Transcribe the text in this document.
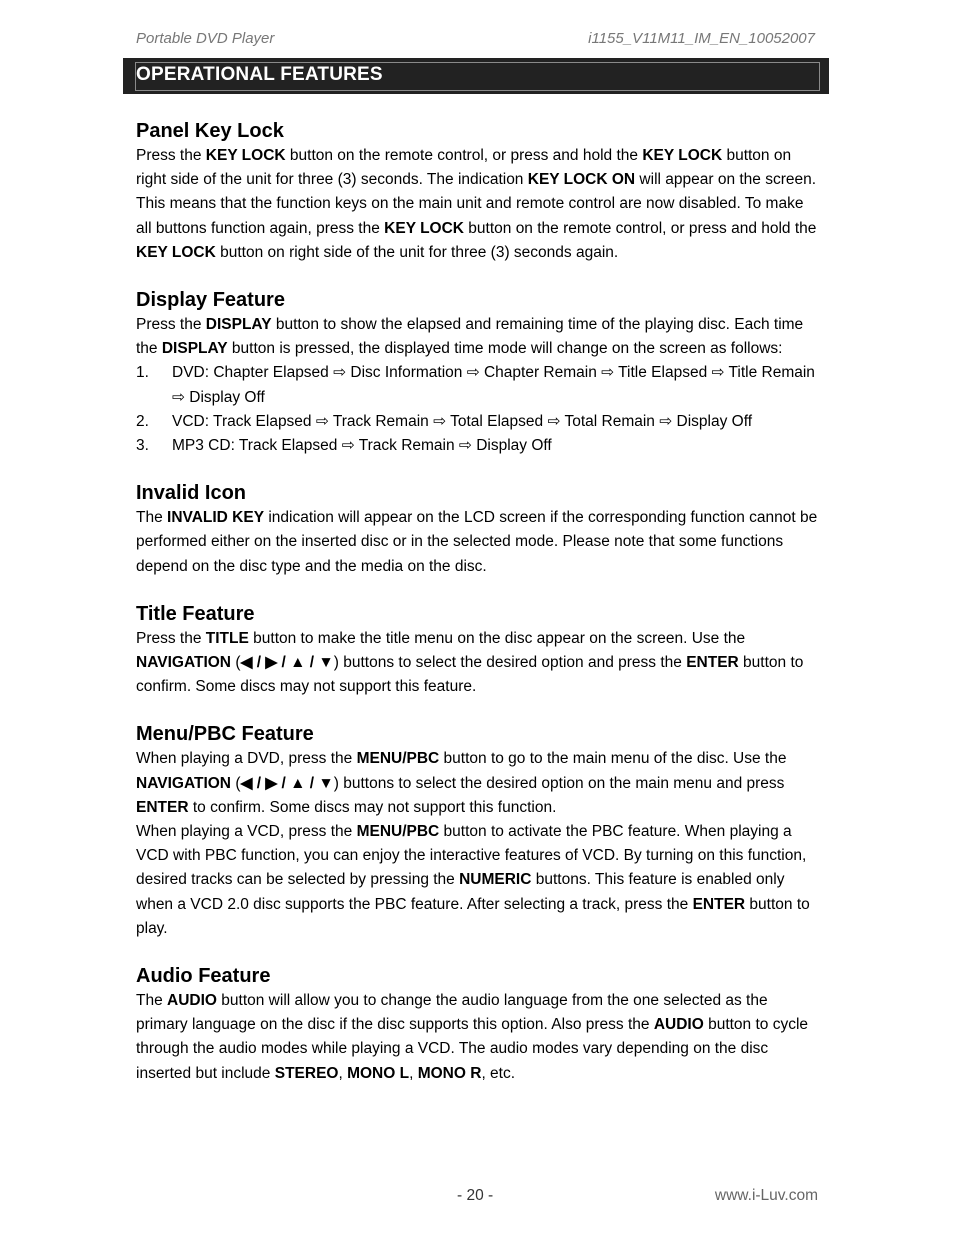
Portable DVD Player	i1155_V11M11_IM_EN_10052007
OPERATIONAL FEATURES
Panel Key Lock

Press the KEY LOCK button on the remote control, or press and hold the KEY LOCK button on right side of the unit for three (3) seconds. The indication KEY LOCK ON will appear on the screen. This means that the function keys on the main unit and remote control are now disabled. To make all buttons function again, press the KEY LOCK button on the remote control, or press and hold the KEY LOCK button on right side of the unit for three (3) seconds again.

Display Feature

Press the DISPLAY button to show the elapsed and remaining time of the playing disc. Each time the DISPLAY button is pressed, the displayed time mode will change on the screen as follows:

1. DVD: Chapter Elapsed ⇨ Disc Information ⇨ Chapter Remain ⇨ Title Elapsed ⇨ Title Remain ⇨ Display Off
2. VCD: Track Elapsed ⇨ Track Remain ⇨ Total Elapsed ⇨ Total Remain ⇨ Display Off
3. MP3 CD: Track Elapsed ⇨ Track Remain ⇨ Display Off
Invalid Icon

The INVALID KEY indication will appear on the LCD screen if the corresponding function cannot be performed either on the inserted disc or in the selected mode. Please note that some functions depend on the disc type and the media on the disc.

Title Feature

Press the TITLE button to make the title menu on the disc appear on the screen. Use the NAVIGATION (◀ / ▶ / ▲ / ▼) buttons to select the desired option and press the ENTER button to confirm. Some discs may not support this feature.

Menu/PBC Feature

When playing a DVD, press the MENU/PBC button to go to the main menu of the disc. Use the NAVIGATION (◀ / ▶ / ▲ / ▼) buttons to select the desired option on the main menu and press ENTER to confirm. Some discs may not support this function.

When playing a VCD, press the MENU/PBC button to activate the PBC feature. When playing a VCD with PBC function, you can enjoy the interactive features of VCD. By turning on this function, desired tracks can be selected by pressing the NUMERIC buttons. This feature is enabled only when a VCD 2.0 disc supports the PBC feature. After selecting a track, press the ENTER button to play.

Audio Feature

The AUDIO button will allow you to change the audio language from the one selected as the primary language on the disc if the disc supports this option. Also press the AUDIO button to cycle through the audio modes while playing a VCD. The audio modes vary depending on the disc inserted but include STEREO, MONO L, MONO R, etc.

- 20 -	www.i-Luv.com
